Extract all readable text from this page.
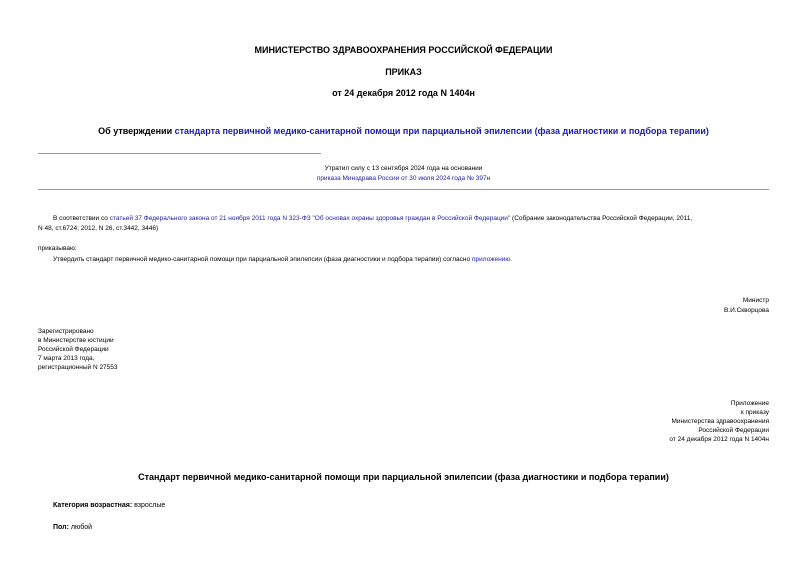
МИНИСТЕРСТВО ЗДРАВООХРАНЕНИЯ РОССИЙСКОЙ ФЕДЕРАЦИИ
ПРИКАЗ
от 24 декабря 2012 года N 1404н
Об утверждении стандарта первичной медико-санитарной помощи при парциальной эпилепсии (фаза диагностики и подбора терапии)
Утратил силу с 13 сентября 2024 года на основании
приказа Минздрава России от 30 июля 2024 года № 397н
В соответствии со статьей 37 Федерального закона от 21 ноября 2011 года N 323-ФЗ "Об основах охраны здоровья граждан в Российской Федерации" (Собрание законодательства Российской Федерации, 2011,
N 48, ст.6724; 2012, N 26, ст.3442, 3446)
приказываю:
Утвердить стандарт первичной медико-санитарной помощи при парциальной эпилепсии (фаза диагностики и подбора терапии) согласно приложению.
Министр
В.И.Скворцова
Зарегистрировано
в Министерстве юстиции
Российской Федерации
7 марта 2013 года,
регистрационный N 27553
Приложение
к приказу
Министерства здравоохранения
Российской Федерации
от 24 декабря 2012 года N 1404н
Стандарт первичной медико-санитарной помощи при парциальной эпилепсии (фаза диагностики и подбора терапии)
Категория возрастная: взрослые
Пол: любой
